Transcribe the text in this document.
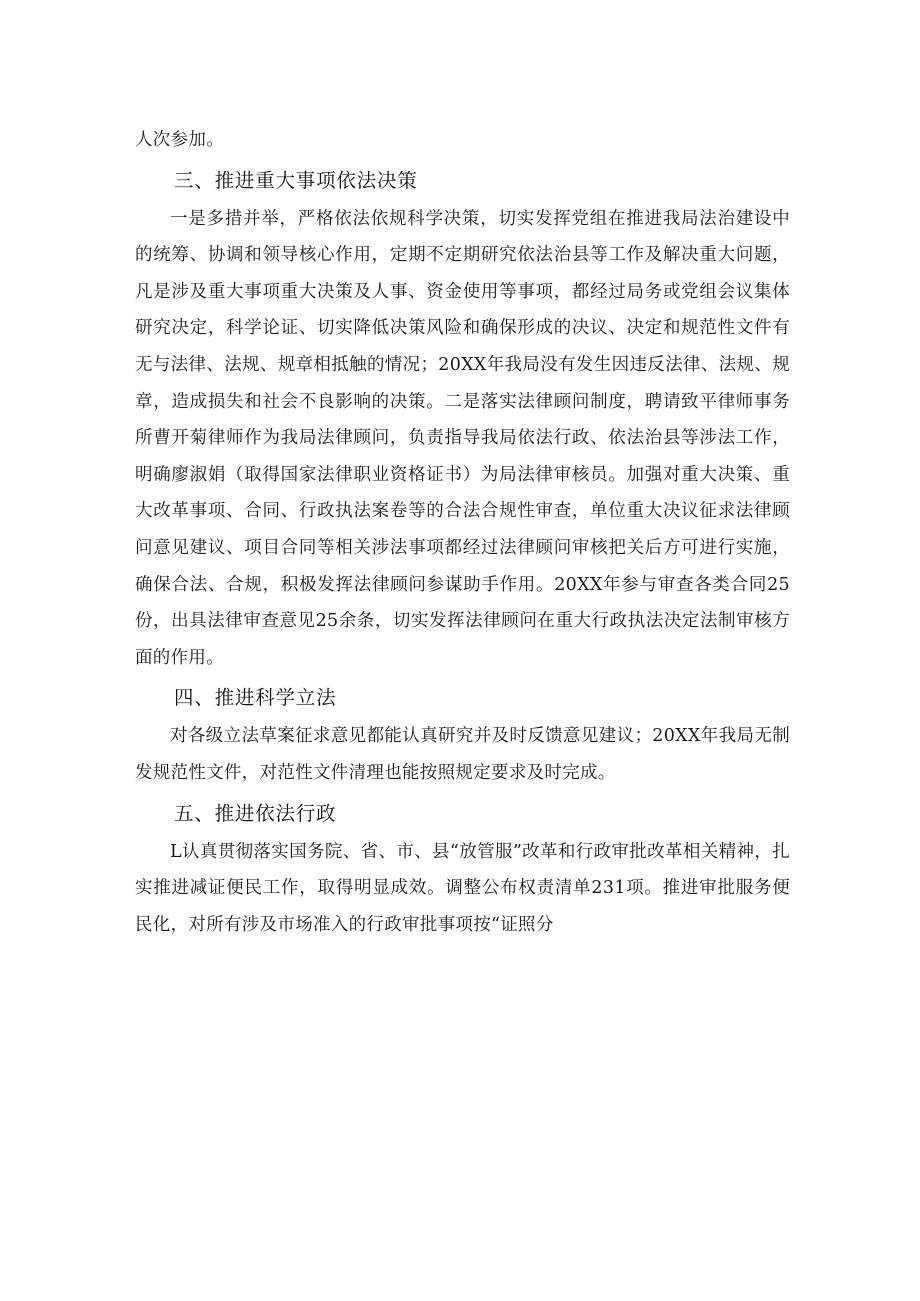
人次参加。

三、推进重大事项依法决策

一是多措并举，严格依法依规科学决策，切实发挥党组在推进我局法治建设中的统筹、协调和领导核心作用，定期不定期研究依法治县等工作及解决重大问题，凡是涉及重大事项重大决策及人事、资金使用等事项，都经过局务或党组会议集体研究决定，科学论证、切实降低决策风险和确保形成的决议、决定和规范性文件有无与法律、法规、规章相抵触的情况；20XX年我局没有发生因违反法律、法规、规章，造成损失和社会不良影响的决策。二是落实法律顾问制度，聘请致平律师事务所曹开菊律师作为我局法律顾问，负责指导我局依法行政、依法治县等涉法工作，明确廖淑娟（取得国家法律职业资格证书）为局法律审核员。加强对重大决策、重大改革事项、合同、行政执法案卷等的合法合规性审查，单位重大决议征求法律顾问意见建议、项目合同等相关涉法事项都经过法律顾问审核把关后方可进行实施，确保合法、合规，积极发挥法律顾问参谋助手作用。20XX年参与审查各类合同25份，出具法律审查意见25余条，切实发挥法律顾问在重大行政执法决定法制审核方面的作用。

四、推进科学立法

对各级立法草案征求意见都能认真研究并及时反馈意见建议；20XX年我局无制发规范性文件，对范性文件清理也能按照规定要求及时完成。

五、推进依法行政

L认真贯彻落实国务院、省、市、县“放管服”改革和行政审批改革相关精神，扎实推进减证便民工作，取得明显成效。调整公布权责清单231项。推进审批服务便民化，对所有涉及市场准入的行政审批事项按“证照分
